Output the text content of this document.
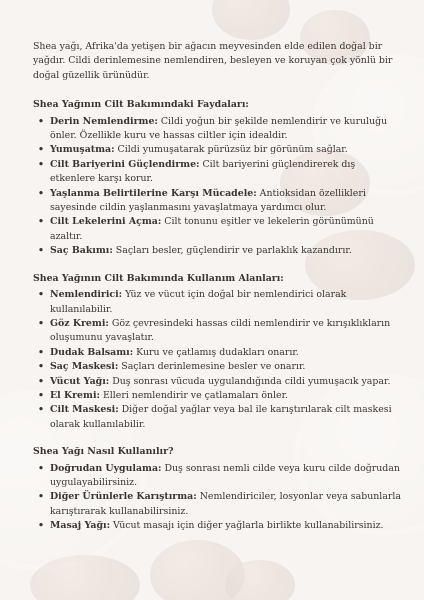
Shea yağı, Afrika'da yetişen bir ağacın meyvesinden elde edilen doğal bir yağdır. Cildi derinlemesine nemlendiren, besleyen ve koruyan çok yönlü bir doğal güzellik ürünüdür.

Shea Yağının Cilt Bakımındaki Faydaları:

• Derin Nemlendirme: Cildi yoğun bir şekilde nemlendirir ve kuruluğu önler. Özellikle kuru ve hassas ciltler için idealdir.
• Yumuşatma: Cildi yumuşatarak pürüzsüz bir görünüm sağlar.
• Cilt Bariyerini Güçlendirme: Cilt bariyerini güçlendirerek dış etkenlere karşı korur.
• Yaşlanma Belirtilerine Karşı Mücadele: Antioksidan özellikleri sayesinde cildin yaşlanmasını yavaşlatmaya yardımcı olur.
• Cilt Lekelerini Açma: Cilt tonunu eşitler ve lekelerin görünümünü azaltır.
• Saç Bakımı: Saçları besler, güçlendirir ve parlaklık kazandırır.

Shea Yağının Cilt Bakımında Kullanım Alanları:

• Nemlendirici: Yüz ve vücut için doğal bir nemlendirici olarak kullanılabilir.
• Göz Kremi: Göz çevresindeki hassas cildi nemlendirir ve kırışıklıkların oluşumunu yavaşlatır.
• Dudak Balsamı: Kuru ve çatlamış dudakları onarır.
• Saç Maskesi: Saçları derinlemesine besler ve onarır.
• Vücut Yağı: Duş sonrası vücuda uygulandığında cildi yumuşacık yapar.
• El Kremi: Elleri nemlendirir ve çatlamaları önler.
• Cilt Maskesi: Diğer doğal yağlar veya bal ile karıştırılarak cilt maskesi olarak kullanılabilir.

Shea Yağı Nasıl Kullanılır?

• Doğrudan Uygulama: Duş sonrası nemli cilde veya kuru cilde doğrudan uygulayabilirsiniz.
• Diğer Ürünlerle Karıştırma: Nemlendiriciler, losyonlar veya sabunlarla karıştırarak kullanabilirsiniz.
• Masaj Yağı: Vücut masajı için diğer yağlarla birlikte kullanabilirsiniz.
